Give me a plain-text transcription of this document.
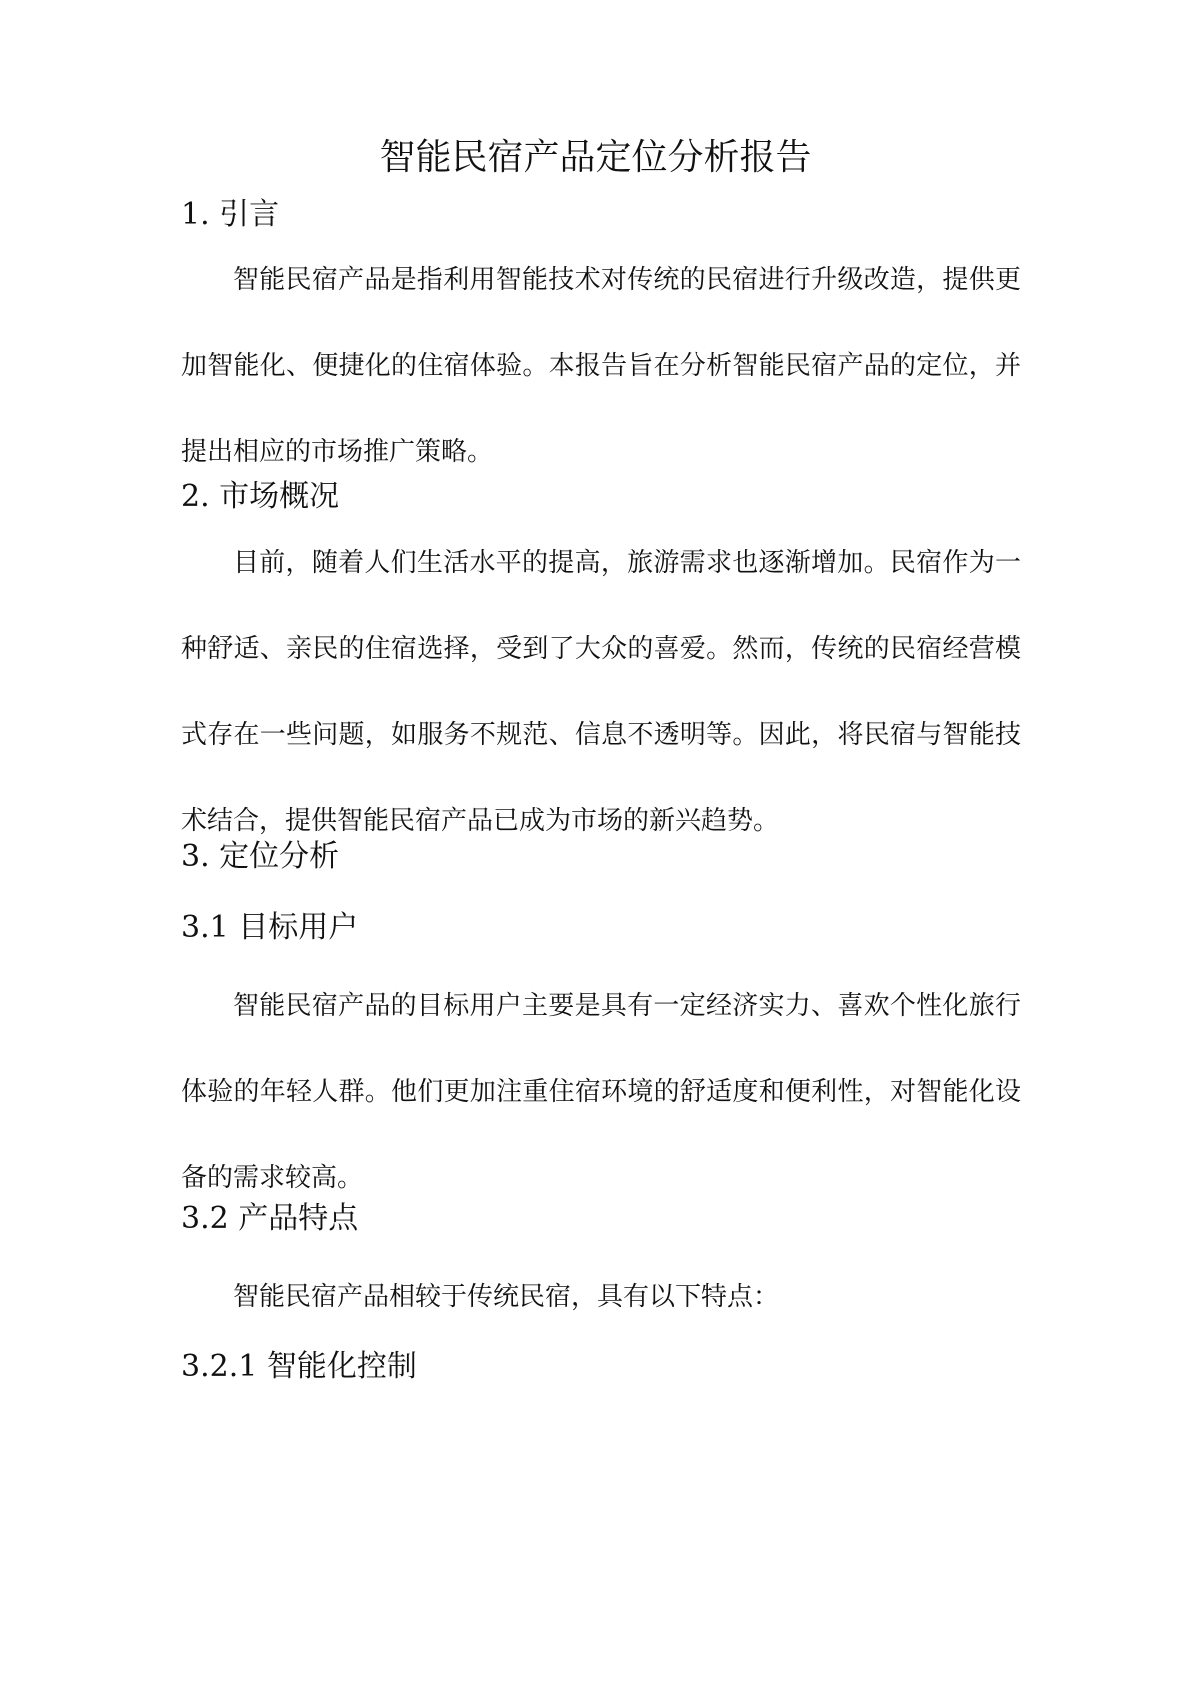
智能民宿产品定位分析报告
1. 引言

智能民宿产品是指利用智能技术对传统的民宿进行升级改造，提供更加智能化、便捷化的住宿体验。本报告旨在分析智能民宿产品的定位，并提出相应的市场推广策略。

2. 市场概况

目前，随着人们生活水平的提高，旅游需求也逐渐增加。民宿作为一种舒适、亲民的住宿选择，受到了大众的喜爱。然而，传统的民宿经营模式存在一些问题，如服务不规范、信息不透明等。因此，将民宿与智能技术结合，提供智能民宿产品已成为市场的新兴趋势。

3. 定位分析
3.1 目标用户

智能民宿产品的目标用户主要是具有一定经济实力、喜欢个性化旅行体验的年轻人群。他们更加注重住宿环境的舒适度和便利性，对智能化设备的需求较高。

3.2 产品特点

智能民宿产品相较于传统民宿，具有以下特点：

3.2.1 智能化控制
